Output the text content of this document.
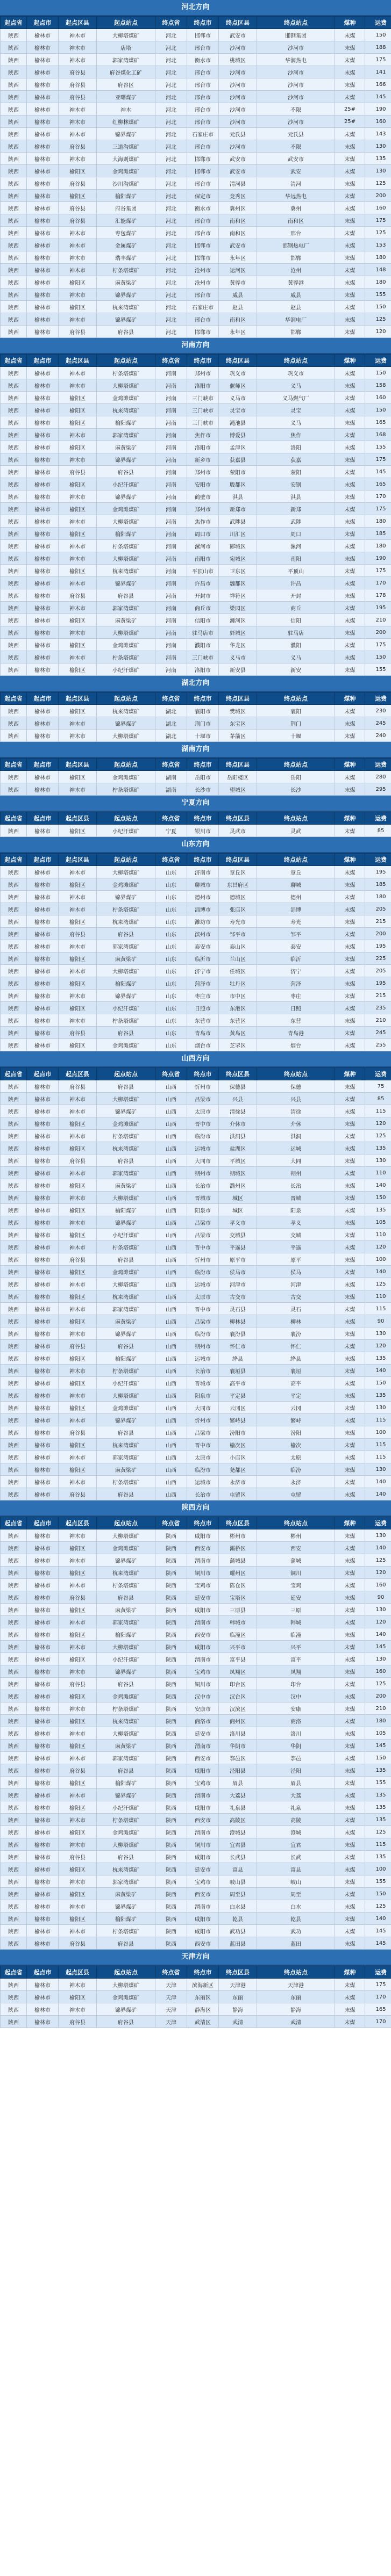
河北方向
起点省	起点市	起点区县	起点站点	终点省	终点市	终点区县	终点站点	煤种	运费
陕西	榆林市	神木市	大柳塔煤矿	河北	邯郸市	武安市	邯钢集团	末煤	150
陕西	榆林市	神木市	店塔	河北	邢台市	沙河市	沙河市	末煤	188
陕西	榆林市	神木市	郭家湾煤矿	河北	衡水市	桃城区	华润热电	末煤	175
陕西	榆林市	府谷县	府谷煤化工矿	河北	邢台市	沙河市	沙河市	末煤	141
陕西	榆林市	府谷县	府谷区	河北	邢台市	沙河市	沙河市	末煤	166
陕西	榆林市	府谷县	亚曙煤矿	河北	邢台市	沙河市	沙河市	末煤	145
陕西	榆林市	神木市	神木	河北	邢台市	沙河市	不限	25#	190
陕西	榆林市	神木市	红柳林煤矿	河北	邢台市	沙河市	沙河市	25#	160
陕西	榆林市	神木市	锦界煤矿	河北	石家庄市	元氏县	元氏县	末煤	143
陕西	榆林市	府谷县	三道沟煤矿	河北	邢台市	沙河市	不限	末煤	130
陕西	榆林市	神木市	大海则煤矿	河北	邯郸市	武安市	武安市	末煤	135
陕西	榆林市	榆阳区	金鸡滩煤矿	河北	邯郸市	武安市	武安	末煤	130
陕西	榆林市	府谷县	沙川沟煤矿	河北	邢台市	清河县	清河	末煤	125
陕西	榆林市	榆阳区	榆阳煤矿	河北	保定市	竞秀区	华远热电	末煤	200
陕西	榆林市	府谷县	府谷集团	河北	衡水市	冀州区	冀州	末煤	160
陕西	榆林市	府谷县	汇能煤矿	河北	邢台市	南和区	南和区	末煤	175
陕西	榆林市	神木市	枣包煤矿	河北	邢台市	南和区	邢台	末煤	125
陕西	榆林市	神木市	金属煤矿	河北	邯郸市	武安市	邯钢热电厂	末煤	153
陕西	榆林市	神木市	瑞丰煤矿	河北	邯郸市	永年区	邯郸	末煤	180
陕西	榆林市	神木市	柠条塔煤矿	河北	沧州市	运河区	沧州	末煤	148
陕西	榆林市	榆阳区	麻黄梁矿	河北	沧州市	黄骅市	黄骅港	末煤	180
陕西	榆林市	神木市	锦界煤矿	河北	邢台市	威县	威县	末煤	155
陕西	榆林市	榆阳区	杭来湾煤矿	河北	石家庄市	赵县	赵县	末煤	150
陕西	榆林市	神木市	锦界煤矿	河北	邢台市	南和区	华润电厂	末煤	125
陕西	榆林市	府谷县	府谷县	河北	邯郸市	永年区	邯郸	末煤	120
河南方向
起点省	起点市	起点区县	起点站点	终点省	终点市	终点区县	终点站点	煤种	运费
陕西	榆林市	神木市	柠条塔煤矿	河南	郑州市	巩义市	巩义市	末煤	150
陕西	榆林市	神木市	大柳塔煤矿	河南	洛阳市	偃师区	义马	末煤	158
陕西	榆林市	榆阳区	金鸡滩煤矿	河南	三门峡市	义马市	义马燃气厂	末煤	160
陕西	榆林市	榆阳区	杭来湾煤矿	河南	三门峡市	灵宝市	灵宝	末煤	150
陕西	榆林市	榆阳区	榆阳煤矿	河南	三门峡市	渑池县	义马	末煤	165
陕西	榆林市	神木市	郭家湾煤矿	河南	焦作市	博爱县	焦作	末煤	168
陕西	榆林市	榆阳区	麻黄梁矿	河南	洛阳市	孟津区	洛阳	末煤	155
陕西	榆林市	神木市	锦界煤矿	河南	新乡市	获嘉县	获嘉	末煤	175
陕西	榆林市	府谷县	府谷县	河南	郑州市	荥阳市	荥阳	末煤	145
陕西	榆林市	榆阳区	小纪汗煤矿	河南	安阳市	殷都区	安钢	末煤	165
陕西	榆林市	神木市	锦界煤矿	河南	鹤壁市	淇县	淇县	末煤	170
陕西	榆林市	榆阳区	金鸡滩煤矿	河南	郑州市	新郑市	新郑	末煤	175
陕西	榆林市	神木市	大柳塔煤矿	河南	焦作市	武陟县	武陟	末煤	180
陕西	榆林市	榆阳区	榆阳煤矿	河南	周口市	川汇区	周口	末煤	185
陕西	榆林市	神木市	柠条塔煤矿	河南	漯河市	郾城区	漯河	末煤	180
陕西	榆林市	神木市	大柳塔煤矿	河南	南阳市	宛城区	南阳	末煤	190
陕西	榆林市	榆阳区	杭来湾煤矿	河南	平顶山市	卫东区	平顶山	末煤	175
陕西	榆林市	神木市	锦界煤矿	河南	许昌市	魏都区	许昌	末煤	170
陕西	榆林市	府谷县	府谷县	河南	开封市	祥符区	开封	末煤	178
陕西	榆林市	神木市	郭家湾煤矿	河南	商丘市	梁园区	商丘	末煤	195
陕西	榆林市	榆阳区	麻黄梁矿	河南	信阳市	浉河区	信阳	末煤	210
陕西	榆林市	神木市	大柳塔煤矿	河南	驻马店市	驿城区	驻马店	末煤	200
陕西	榆林市	榆阳区	金鸡滩煤矿	河南	濮阳市	华龙区	濮阳	末煤	175
陕西	榆林市	神木市	柠条塔煤矿	河南	三门峡市	义马市	义马	末煤	150
陕西	榆林市	榆阳区	小纪汗煤矿	河南	洛阳市	新安县	新安	末煤	155
湖北方向
起点省	起点市	起点区县	起点站点	终点省	终点市	终点区县	终点站点	煤种	运费
陕西	榆林市	榆阳区	杭来湾煤矿	湖北	襄阳市	樊城区	襄阳	末煤	230
陕西	榆林市	神木市	锦界煤矿	湖北	荆门市	东宝区	荆门	末煤	245
陕西	榆林市	神木市	大柳塔煤矿	湖北	十堰市	茅箭区	十堰	末煤	240
湖南方向
起点省	起点市	起点区县	起点站点	终点省	终点市	终点区县	终点站点	煤种	运费
陕西	榆林市	榆阳区	金鸡滩煤矿	湖南	岳阳市	岳阳楼区	岳阳	末煤	280
陕西	榆林市	神木市	柠条塔煤矿	湖南	长沙市	望城区	长沙	末煤	295
宁夏方向
起点省	起点市	起点区县	起点站点	终点省	终点市	终点区县	终点站点	煤种	运费
陕西	榆林市	榆阳区	小纪汗煤矿	宁夏	银川市	灵武市	灵武	末煤	85
山东方向
起点省	起点市	起点区县	起点站点	终点省	终点市	终点区县	终点站点	煤种	运费
陕西	榆林市	神木市	大柳塔煤矿	山东	济南市	章丘区	章丘	末煤	195
陕西	榆林市	榆阳区	金鸡滩煤矿	山东	聊城市	东昌府区	聊城	末煤	185
陕西	榆林市	神木市	锦界煤矿	山东	德州市	德城区	德州	末煤	180
陕西	榆林市	神木市	柠条塔煤矿	山东	淄博市	张店区	淄博	末煤	205
陕西	榆林市	榆阳区	杭来湾煤矿	山东	潍坊市	寿光市	寿光	末煤	215
陕西	榆林市	府谷县	府谷县	山东	滨州市	邹平市	邹平	末煤	200
陕西	榆林市	神木市	郭家湾煤矿	山东	泰安市	泰山区	泰安	末煤	195
陕西	榆林市	榆阳区	麻黄梁矿	山东	临沂市	兰山区	临沂	末煤	225
陕西	榆林市	神木市	大柳塔煤矿	山东	济宁市	任城区	济宁	末煤	205
陕西	榆林市	榆阳区	榆阳煤矿	山东	菏泽市	牡丹区	菏泽	末煤	195
陕西	榆林市	神木市	锦界煤矿	山东	枣庄市	市中区	枣庄	末煤	215
陕西	榆林市	榆阳区	小纪汗煤矿	山东	日照市	东港区	日照	末煤	235
陕西	榆林市	神木市	柠条塔煤矿	山东	东营市	东营区	东营	末煤	210
陕西	榆林市	府谷县	府谷县	山东	青岛市	黄岛区	青岛港	末煤	245
陕西	榆林市	榆阳区	金鸡滩煤矿	山东	烟台市	芝罘区	烟台	末煤	255
山西方向
起点省	起点市	起点区县	起点站点	终点省	终点市	终点区县	终点站点	煤种	运费
陕西	榆林市	府谷县	府谷县	山西	忻州市	保德县	保德	末煤	75
陕西	榆林市	神木市	大柳塔煤矿	山西	吕梁市	兴县	兴县	末煤	85
陕西	榆林市	神木市	锦界煤矿	山西	太原市	清徐县	清徐	末煤	115
陕西	榆林市	榆阳区	金鸡滩煤矿	山西	晋中市	介休市	介休	末煤	120
陕西	榆林市	神木市	柠条塔煤矿	山西	临汾市	洪洞县	洪洞	末煤	125
陕西	榆林市	榆阳区	杭来湾煤矿	山西	运城市	盐湖区	运城	末煤	135
陕西	榆林市	府谷县	府谷县	山西	大同市	平城区	大同	末煤	130
陕西	榆林市	神木市	郭家湾煤矿	山西	朔州市	朔城区	朔州	末煤	110
陕西	榆林市	榆阳区	麻黄梁矿	山西	长治市	潞州区	长治	末煤	140
陕西	榆林市	神木市	大柳塔煤矿	山西	晋城市	城区	晋城	末煤	150
陕西	榆林市	榆阳区	榆阳煤矿	山西	阳泉市	城区	阳泉	末煤	135
陕西	榆林市	神木市	锦界煤矿	山西	吕梁市	孝义市	孝义	末煤	105
陕西	榆林市	榆阳区	小纪汗煤矿	山西	吕梁市	交城县	交城	末煤	110
陕西	榆林市	神木市	柠条塔煤矿	山西	晋中市	平遥县	平遥	末煤	120
陕西	榆林市	府谷县	府谷县	山西	忻州市	原平市	原平	末煤	100
陕西	榆林市	榆阳区	金鸡滩煤矿	山西	临汾市	侯马市	侯马	末煤	140
陕西	榆林市	神木市	大柳塔煤矿	山西	运城市	河津市	河津	末煤	125
陕西	榆林市	榆阳区	杭来湾煤矿	山西	太原市	古交市	古交	末煤	110
陕西	榆林市	神木市	郭家湾煤矿	山西	晋中市	灵石县	灵石	末煤	115
陕西	榆林市	榆阳区	麻黄梁矿	山西	吕梁市	柳林县	柳林	末煤	90
陕西	榆林市	神木市	锦界煤矿	山西	临汾市	襄汾县	襄汾	末煤	130
陕西	榆林市	府谷县	府谷县	山西	朔州市	怀仁市	怀仁	末煤	120
陕西	榆林市	榆阳区	榆阳煤矿	山西	运城市	绛县	绛县	末煤	135
陕西	榆林市	神木市	柠条塔煤矿	山西	长治市	襄垣县	襄垣	末煤	140
陕西	榆林市	榆阳区	小纪汗煤矿	山西	晋城市	高平市	高平	末煤	150
陕西	榆林市	神木市	大柳塔煤矿	山西	阳泉市	平定县	平定	末煤	135
陕西	榆林市	榆阳区	金鸡滩煤矿	山西	大同市	云冈区	云冈	末煤	130
陕西	榆林市	神木市	锦界煤矿	山西	忻州市	繁峙县	繁峙	末煤	115
陕西	榆林市	府谷县	府谷县	山西	吕梁市	汾阳市	汾阳	末煤	100
陕西	榆林市	榆阳区	杭来湾煤矿	山西	晋中市	榆次区	榆次	末煤	115
陕西	榆林市	神木市	郭家湾煤矿	山西	太原市	小店区	太原	末煤	115
陕西	榆林市	榆阳区	麻黄梁矿	山西	临汾市	尧都区	临汾	末煤	130
陕西	榆林市	神木市	柠条塔煤矿	山西	运城市	永济市	永济	末煤	140
陕西	榆林市	府谷县	府谷县	山西	长治市	屯留区	屯留	末煤	140
陕西方向
起点省	起点市	起点区县	起点站点	终点省	终点市	终点区县	终点站点	煤种	运费
陕西	榆林市	神木市	大柳塔煤矿	陕西	咸阳市	彬州市	彬州	末煤	130
陕西	榆林市	榆阳区	金鸡滩煤矿	陕西	西安市	灞桥区	西安	末煤	140
陕西	榆林市	神木市	锦界煤矿	陕西	渭南市	蒲城县	蒲城	末煤	125
陕西	榆林市	榆阳区	杭来湾煤矿	陕西	铜川市	耀州区	铜川	末煤	120
陕西	榆林市	神木市	柠条塔煤矿	陕西	宝鸡市	陈仓区	宝鸡	末煤	160
陕西	榆林市	府谷县	府谷县	陕西	延安市	宝塔区	延安	末煤	90
陕西	榆林市	榆阳区	麻黄梁矿	陕西	咸阳市	三原县	三原	末煤	130
陕西	榆林市	神木市	郭家湾煤矿	陕西	渭南市	韩城市	韩城	末煤	120
陕西	榆林市	榆阳区	榆阳煤矿	陕西	西安市	临潼区	临潼	末煤	140
陕西	榆林市	神木市	大柳塔煤矿	陕西	咸阳市	兴平市	兴平	末煤	145
陕西	榆林市	榆阳区	小纪汗煤矿	陕西	渭南市	富平县	富平	末煤	130
陕西	榆林市	神木市	锦界煤矿	陕西	宝鸡市	凤翔区	凤翔	末煤	160
陕西	榆林市	府谷县	府谷县	陕西	铜川市	印台区	印台	末煤	125
陕西	榆林市	榆阳区	金鸡滩煤矿	陕西	汉中市	汉台区	汉中	末煤	200
陕西	榆林市	神木市	柠条塔煤矿	陕西	安康市	汉滨区	安康	末煤	210
陕西	榆林市	榆阳区	杭来湾煤矿	陕西	商洛市	商州区	商洛	末煤	180
陕西	榆林市	神木市	大柳塔煤矿	陕西	延安市	洛川县	洛川	末煤	105
陕西	榆林市	榆阳区	麻黄梁矿	陕西	渭南市	华阴市	华阴	末煤	145
陕西	榆林市	神木市	郭家湾煤矿	陕西	西安市	鄠邑区	鄠邑	末煤	150
陕西	榆林市	府谷县	府谷县	陕西	咸阳市	泾阳县	泾阳	末煤	135
陕西	榆林市	榆阳区	榆阳煤矿	陕西	宝鸡市	眉县	眉县	末煤	155
陕西	榆林市	神木市	锦界煤矿	陕西	渭南市	大荔县	大荔	末煤	135
陕西	榆林市	榆阳区	小纪汗煤矿	陕西	咸阳市	礼泉县	礼泉	末煤	135
陕西	榆林市	神木市	柠条塔煤矿	陕西	西安市	高陵区	高陵	末煤	135
陕西	榆林市	榆阳区	金鸡滩煤矿	陕西	渭南市	澄城县	澄城	末煤	125
陕西	榆林市	神木市	大柳塔煤矿	陕西	铜川市	宜君县	宜君	末煤	115
陕西	榆林市	府谷县	府谷县	陕西	咸阳市	长武县	长武	末煤	135
陕西	榆林市	榆阳区	杭来湾煤矿	陕西	延安市	富县	富县	末煤	100
陕西	榆林市	神木市	郭家湾煤矿	陕西	宝鸡市	岐山县	岐山	末煤	155
陕西	榆林市	榆阳区	麻黄梁矿	陕西	西安市	周至县	周至	末煤	150
陕西	榆林市	神木市	锦界煤矿	陕西	渭南市	白水县	白水	末煤	125
陕西	榆林市	榆阳区	榆阳煤矿	陕西	咸阳市	乾县	乾县	末煤	140
陕西	榆林市	神木市	柠条塔煤矿	陕西	咸阳市	武功县	武功	末煤	145
陕西	榆林市	府谷县	府谷县	陕西	西安市	蓝田县	蓝田	末煤	145
天津方向
起点省	起点市	起点区县	起点站点	终点省	终点市	终点区县	终点站点	煤种	运费
陕西	榆林市	神木市	大柳塔煤矿	天津	滨海新区	天津港	天津港	末煤	175
陕西	榆林市	榆阳区	金鸡滩煤矿	天津	东丽区	东丽	东丽	末煤	170
陕西	榆林市	神木市	锦界煤矿	天津	静海区	静海	静海	末煤	165
陕西	榆林市	府谷县	府谷县	天津	武清区	武清	武清	末煤	170
